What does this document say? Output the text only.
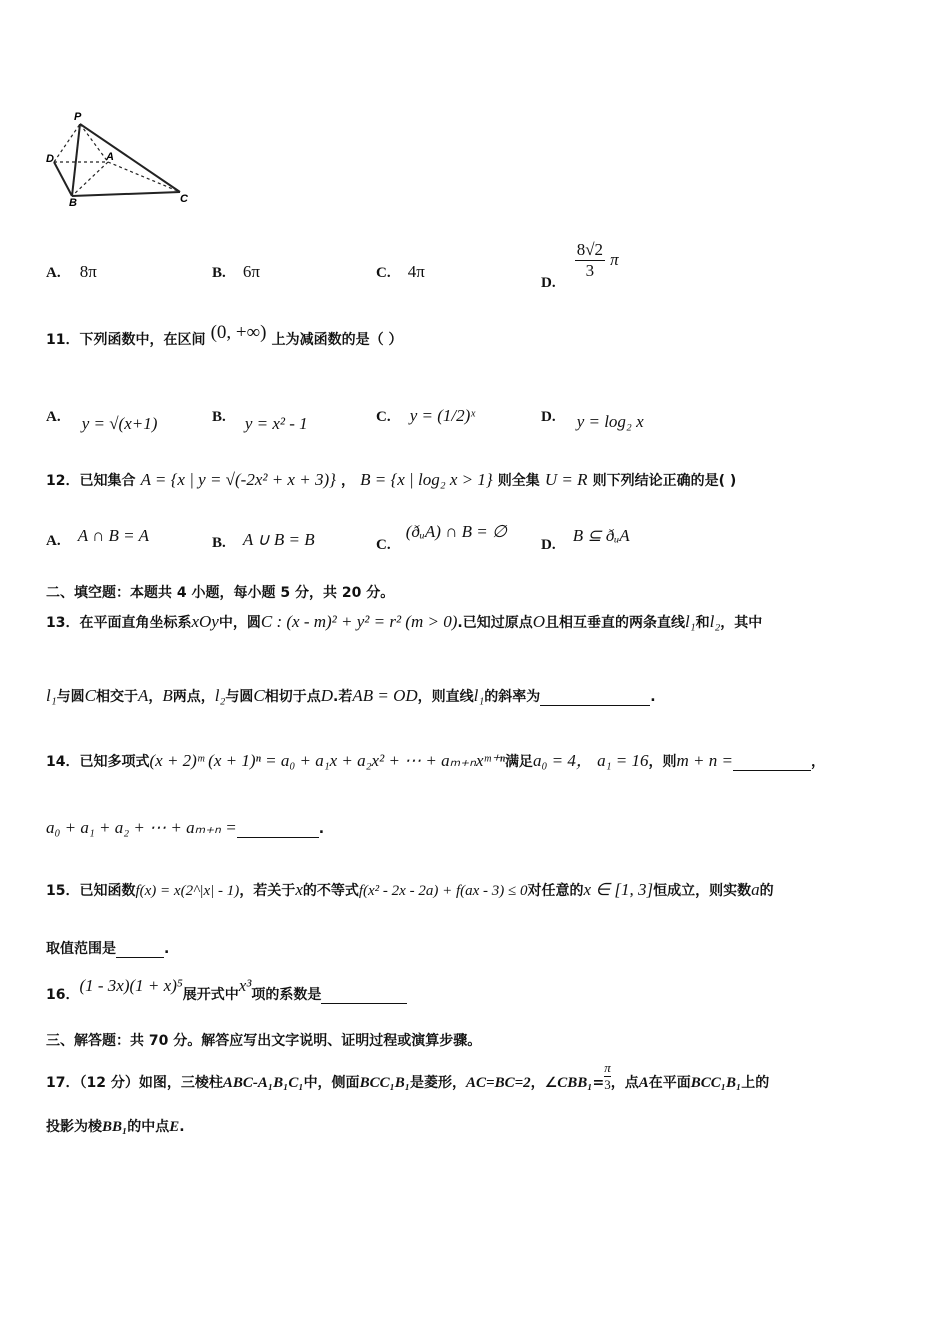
P
D	A
B	C
A. 8π	B. 6π	C. 4π
D.
$\frac{8√2}{3}$ π
11．下列函数中，在区间 (0, +∞) 上为减函数的是（ ）
A. y = √(x+1)	B. y = x² - 1	C. y = (1/2)ˣ	D. y = log₂ x
12．已知集合 A = {x | y = √(-2x² + x + 3)} ， B = {x | log₂ x > 1} 则全集 U = R 则下列结论正确的是( )
A. A ∩ B = A	B. A ∪ B = B	C. (ðᵤA) ∩ B = ∅
D. B ⊆ ðᵤA
二、填空题：本题共 4 小题，每小题 5 分，共 20 分。
13．在平面直角坐标系xOy中，圆C : (x - m)² + y² = r² (m > 0).已知过原点O且相互垂直的两条直线l₁和l₂，其中
l₁与圆C相交于A，B两点，l₂与圆C相切于点D.若AB = OD，则直线l₁的斜率为	.
14．已知多项式(x + 2)ᵐ (x + 1)ⁿ = a₀ + a₁x + a₂x² + ⋯ + aₘ₊ₙxᵐ⁺ⁿ满足a₀ = 4， a₁ = 16，则m + n =	，
a₀ + a₁ + a₂ + ⋯ + aₘ₊ₙ =	.
15．已知函数f(x) = x(2^|x| - 1)，若关于x的不等式f(x² - 2x - 2a) + f(ax - 3) ≤ 0对任意的x ∈ [1, 3]恒成立，则实数a的
取值范围是	.
16．(1 - 3x)(1 + x)⁵展开式中x³项的系数是
三、解答题：共 70 分。解答应写出文字说明、证明过程或演算步骤。
17．（12 分）如图，三棱柱ABC-A₁B₁C₁中，侧面BCC₁B₁是菱形，AC=BC=2，∠CBB₁= $\frac{\pi}{3}$ ，点A在平面BCC₁B₁上的
投影为棱BB₁的中点E.
